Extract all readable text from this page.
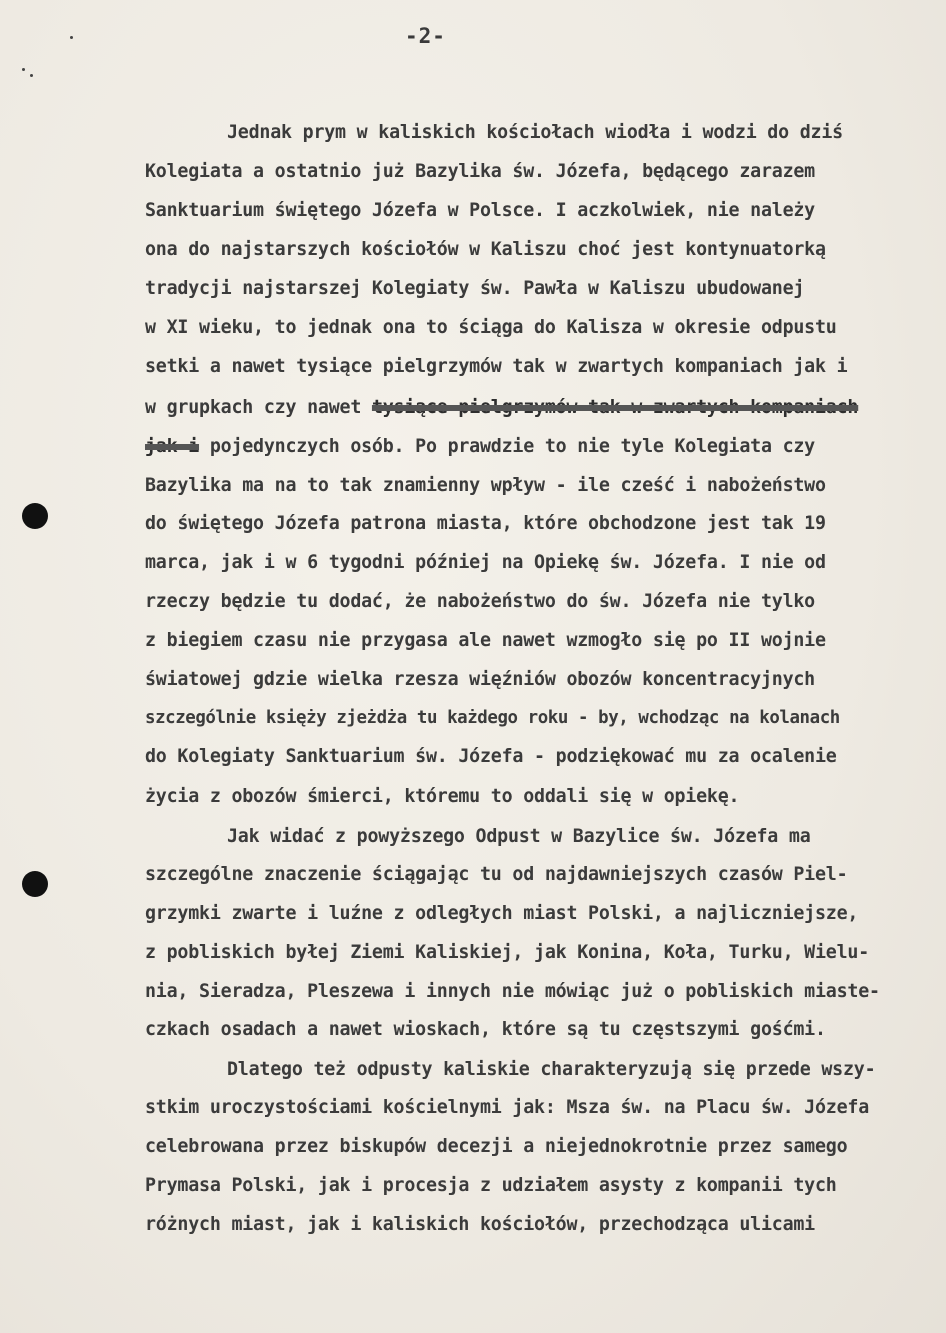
-2-
Jednak prym w kaliskich kościołach wiodła i wodzi do dziś
Kolegiata a ostatnio już Bazylika św. Józefa, będącego zarazem
Sanktuarium świętego Józefa w Polsce. I aczkolwiek, nie należy
ona do najstarszych kościołów w Kaliszu choć jest kontynuatorką
tradycji najstarszej Kolegiaty św. Pawła w Kaliszu ubudowanej
w XI wieku, to jednak ona to ściąga do Kalisza w okresie odpustu
setki a nawet tysiące pielgrzymów tak w zwartych kompaniach jak i
w grupkach czy nawet tysiące pielgrzymów tak w zwartych kompaniach
jak i pojedynczych osób. Po prawdzie to nie tyle Kolegiata czy
Bazylika ma na to tak znamienny wpływ - ile cześć i nabożeństwo
do świętego Józefa patrona miasta, które obchodzone jest tak 19
marca, jak i w 6 tygodni później na Opiekę św. Józefa. I nie od
rzeczy będzie tu dodać, że nabożeństwo do św. Józefa nie tylko
z biegiem czasu nie przygasa ale nawet wzmogło się po II wojnie
światowej gdzie wielka rzesza więźniów obozów koncentracyjnych
szczególnie księży zjeżdża tu każdego roku - by, wchodząc na kolanach
do Kolegiaty Sanktuarium św. Józefa - podziękować mu za ocalenie
życia z obozów śmierci, któremu to oddali się w opiekę.
Jak widać z powyższego Odpust w Bazylice św. Józefa ma
szczególne znaczenie ściągając tu od najdawniejszych czasów Piel-
grzymki zwarte i luźne z odległych miast Polski, a najliczniejsze,
z pobliskich byłej Ziemi Kaliskiej, jak Konina, Koła, Turku, Wielu-
nia, Sieradza, Pleszewa i innych nie mówiąc już o pobliskich miaste-
czkach osadach a nawet wioskach, które są tu częstszymi gośćmi.
Dlatego też odpusty kaliskie charakteryzują się przede wszy-
stkim uroczystościami kościelnymi jak: Msza św. na Placu św. Józefa
celebrowana przez biskupów decezji a niejednokrotnie przez samego
Prymasa Polski, jak i procesja z udziałem asysty z kompanii tych
różnych miast, jak i kaliskich kościołów, przechodząca ulicami
